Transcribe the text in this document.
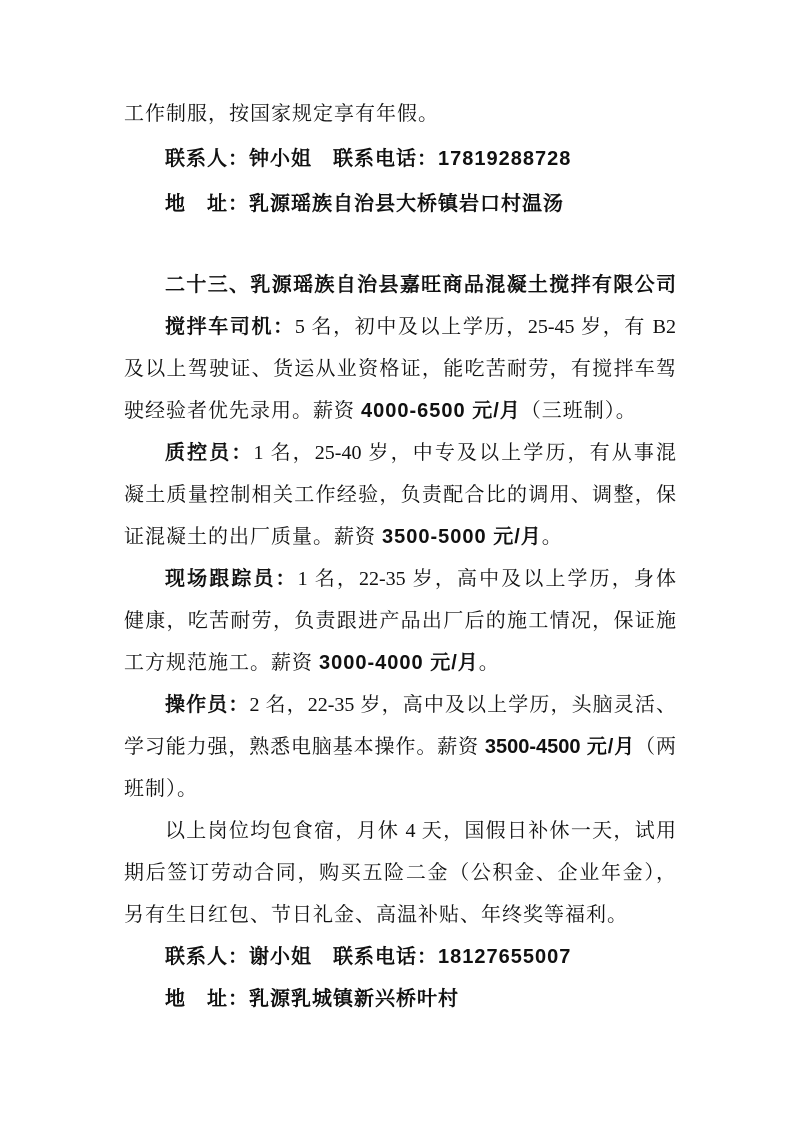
工作制服，按国家规定享有年假。
联系人：钟小姐 联系电话：17819288728
地　址：乳源瑶族自治县大桥镇岩口村温汤
二十三、乳源瑶族自治县嘉旺商品混凝土搅拌有限公司
搅拌车司机：5 名，初中及以上学历，25-45 岁，有 B2
及以上驾驶证、货运从业资格证，能吃苦耐劳，有搅拌车驾
驶经验者优先录用。薪资 4000-6500 元/月（三班制）。
质控员：1 名，25-40 岁，中专及以上学历，有从事混
凝土质量控制相关工作经验，负责配合比的调用、调整，保
证混凝土的出厂质量。薪资 3500-5000 元/月。
现场跟踪员：1 名，22-35 岁，高中及以上学历，身体
健康，吃苦耐劳，负责跟进产品出厂后的施工情况，保证施
工方规范施工。薪资 3000-4000 元/月。
操作员：2 名，22-35 岁，高中及以上学历，头脑灵活、
学习能力强，熟悉电脑基本操作。薪资 3500-4500 元/月（两
班制）。
以上岗位均包食宿，月休 4 天，国假日补休一天，试用
期后签订劳动合同，购买五险二金（公积金、企业年金），
另有生日红包、节日礼金、高温补贴、年终奖等福利。
联系人：谢小姐 联系电话：18127655007
地　址：乳源乳城镇新兴桥叶村
